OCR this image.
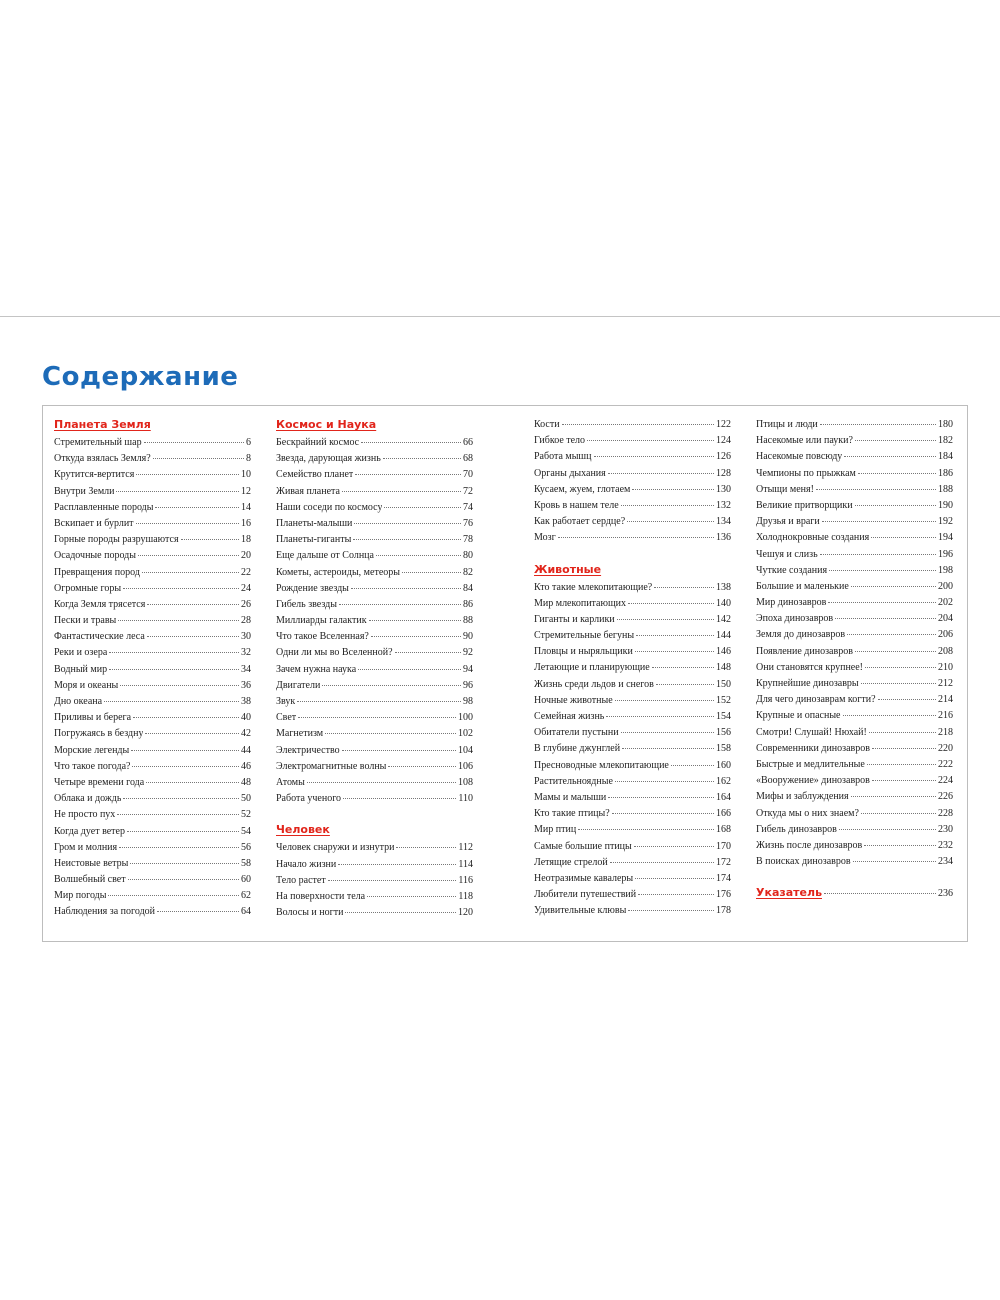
Содержание
Планета Земля
Стремительный шар	6
Откуда взялась Земля?	8
Крутится-вертится	10
Внутри Земли	12
Расплавленные породы	14
Вскипает и бурлит	16
Горные породы разрушаются	18
Осадочные породы	20
Превращения пород	22
Огромные горы	24
Когда Земля трясется	26
Пески и травы	28
Фантастические леса	30
Реки и озера	32
Водный мир	34
Моря и океаны	36
Дно океана	38
Приливы и берега	40
Погружаясь в бездну	42
Морские легенды	44
Что такое погода?	46
Четыре времени года	48
Облака и дождь	50
Не просто пух	52
Когда дует ветер	54
Гром и молния	56
Неистовые ветры	58
Волшебный свет	60
Мир погоды	62
Наблюдения за погодой	64
Космос и Наука
Бескрайний космос	66
Звезда, дарующая жизнь	68
Семейство планет	70
Живая планета	72
Наши соседи по космосу	74
Планеты-малыши	76
Планеты-гиганты	78
Еще дальше от Солнца	80
Кометы, астероиды, метеоры	82
Рождение звезды	84
Гибель звезды	86
Миллиарды галактик	88
Что такое Вселенная?	90
Одни ли мы во Вселенной?	92
Зачем нужна наука	94
Двигатели	96
Звук	98
Свет	100
Магнетизм	102
Электричество	104
Электромагнитные волны	106
Атомы	108
Работа ученого	110
Человек
Человек снаружи и изнутри	112
Начало жизни	114
Тело растет	116
На поверхности тела	118
Волосы и ногти	120
Кости	122
Гибкое тело	124
Работа мышц	126
Органы дыхания	128
Кусаем, жуем, глотаем	130
Кровь в нашем теле	132
Как работает сердце?	134
Мозг	136
Животные
Кто такие млекопитающие?	138
Мир млекопитающих	140
Гиганты и карлики	142
Стремительные бегуны	144
Пловцы и ныряльщики	146
Летающие и планирующие	148
Жизнь среди льдов и снегов	150
Ночные животные	152
Семейная жизнь	154
Обитатели пустыни	156
В глубине джунглей	158
Пресноводные млекопитающие	160
Растительноядные	162
Мамы и малыши	164
Кто такие птицы?	166
Мир птиц	168
Самые большие птицы	170
Летящие стрелой	172
Неотразимые кавалеры	174
Любители путешествий	176
Удивительные клювы	178
Птицы и люди	180
Насекомые или пауки?	182
Насекомые повсюду	184
Чемпионы по прыжкам	186
Отыщи меня!	188
Великие притворщики	190
Друзья и враги	192
Холоднокровные создания	194
Чешуя и слизь	196
Чуткие создания	198
Большие и маленькие	200
Мир динозавров	202
Эпоха динозавров	204
Земля до динозавров	206
Появление динозавров	208
Они становятся крупнее!	210
Крупнейшие динозавры	212
Для чего динозаврам когти?	214
Крупные и опасные	216
Смотри! Слушай! Нюхай!	218
Современники динозавров	220
Быстрые и медлительные	222
«Вооружение» динозавров	224
Мифы и заблуждения	226
Откуда мы о них знаем?	228
Гибель динозавров	230
Жизнь после динозавров	232
В поисках динозавров	234
Указатель	236
